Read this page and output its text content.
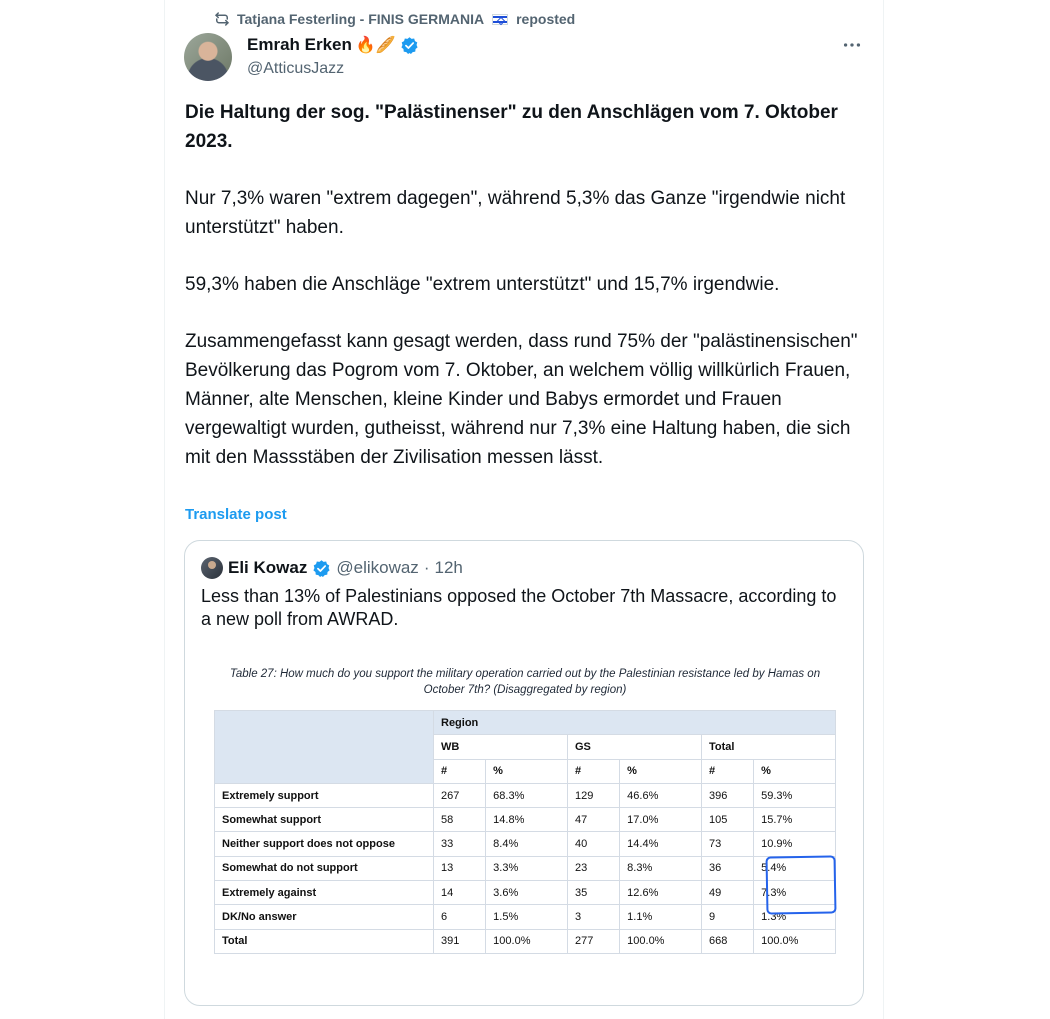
Tatjana Festerling - FINIS GERMANIA reposted
Emrah Erken 🔥🥖
@AtticusJazz

Die Haltung der sog. "Palästinenser" zu den Anschlägen vom 7. Oktober 2023.

Nur 7,3% waren "extrem dagegen", während 5,3% das Ganze "irgendwie nicht unterstützt" haben.

59,3% haben die Anschläge "extrem unterstützt" und 15,7% irgendwie.

Zusammengefasst kann gesagt werden, dass rund 75% der "palästinensischen" Bevölkerung das Pogrom vom 7. Oktober, an welchem völlig willkürlich Frauen, Männer, alte Menschen, kleine Kinder und Babys ermordet und Frauen vergewaltigt wurden, gutheisst, während nur 7,3% eine Haltung haben, die sich mit den Massstäben der Zivilisation messen lässt.

Translate post
Eli Kowaz @elikowaz · 12h
Less than 13% of Palestinians opposed the October 7th Massacre, according to a new poll from AWRAD.
Table 27: How much do you support the military operation carried out by the Palestinian resistance led by Hamas on October 7th? (Disaggregated by region)
	Region					
	WB		GS		Total	
	#	%	#	%	#	%
Extremely support	267	68.3%	129	46.6%	396	59.3%
Somewhat support	58	14.8%	47	17.0%	105	15.7%
Neither support does not oppose	33	8.4%	40	14.4%	73	10.9%
Somewhat do not support	13	3.3%	23	8.3%	36	5.4%
Extremely against	14	3.6%	35	12.6%	49	7.3%
DK/No answer	6	1.5%	3	1.1%	9	1.3%
Total	391	100.0%	277	100.0%	668	100.0%
